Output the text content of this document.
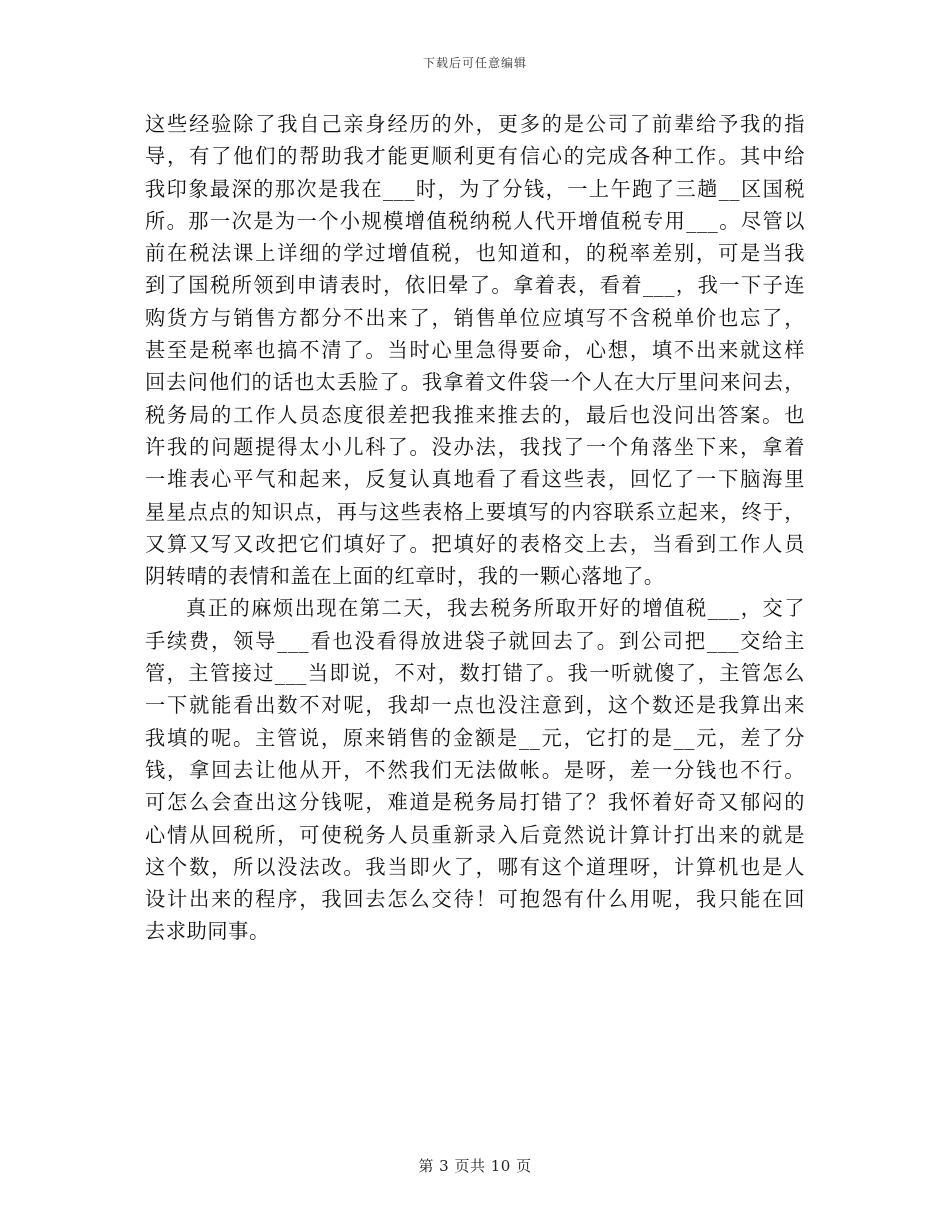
下载后可任意编辑
这些经验除了我自己亲身经历的外，更多的是公司了前辈给予我的指
导，有了他们的帮助我才能更顺利更有信心的完成各种工作。其中给
我印象最深的那次是我在___时，为了分钱，一上午跑了三趟__区国税
所。那一次是为一个小规模增值税纳税人代开增值税专用___。尽管以
前在税法课上详细的学过增值税，也知道和，的税率差别，可是当我
到了国税所领到申请表时，依旧晕了。拿着表，看着___，我一下子连
购货方与销售方都分不出来了，销售单位应填写不含税单价也忘了，
甚至是税率也搞不清了。当时心里急得要命，心想，填不出来就这样
回去问他们的话也太丢脸了。我拿着文件袋一个人在大厅里问来问去，
税务局的工作人员态度很差把我推来推去的，最后也没问出答案。也
许我的问题提得太小儿科了。没办法，我找了一个角落坐下来，拿着
一堆表心平气和起来，反复认真地看了看这些表，回忆了一下脑海里
星星点点的知识点，再与这些表格上要填写的内容联系立起来，终于，
又算又写又改把它们填好了。把填好的表格交上去，当看到工作人员
阴转晴的表情和盖在上面的红章时，我的一颗心落地了。
真正的麻烦出现在第二天，我去税务所取开好的增值税___，交了
手续费，领导___看也没看得放进袋子就回去了。到公司把___交给主
管，主管接过___当即说，不对，数打错了。我一听就傻了，主管怎么
一下就能看出数不对呢，我却一点也没注意到，这个数还是我算出来
我填的呢。主管说，原来销售的金额是__元，它打的是__元，差了分
钱，拿回去让他从开，不然我们无法做帐。是呀，差一分钱也不行。
可怎么会查出这分钱呢，难道是税务局打错了？我怀着好奇又郁闷的
心情从回税所，可使税务人员重新录入后竟然说计算计打出来的就是
这个数，所以没法改。我当即火了，哪有这个道理呀，计算机也是人
设计出来的程序，我回去怎么交待！可抱怨有什么用呢，我只能在回
去求助同事。
第 3 页共 10 页
